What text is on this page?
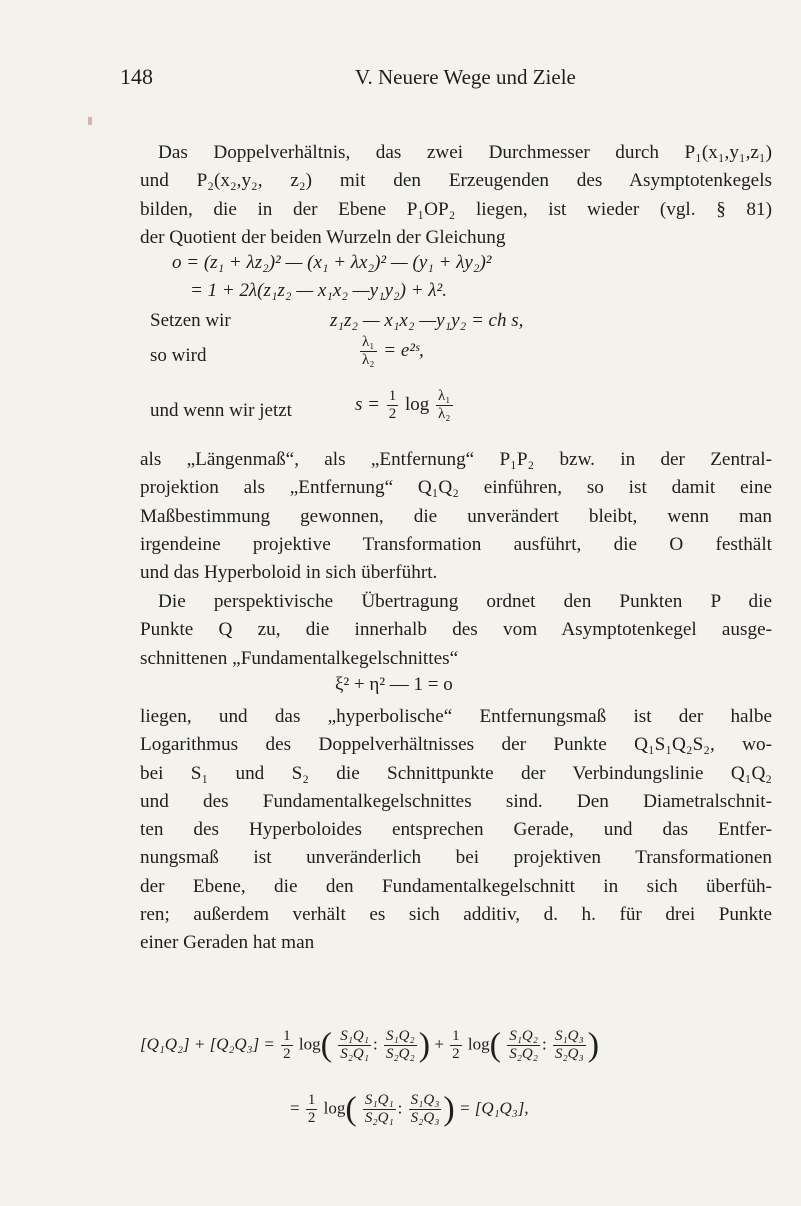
148	V. Neuere Wege und Ziele
Das Doppelverhältnis, das zwei Durchmesser durch P₁(x₁,y₁,z₁)
und P₂(x₂,y₂, z₂) mit den Erzeugenden des Asymptotenkegels
bilden, die in der Ebene P₁OP₂ liegen, ist wieder (vgl. § 81)
der Quotient der beiden Wurzeln der Gleichung
o = (z₁ + λz₂)² — (x₁ + λx₂)² — (y₁ + λy₂)²
= 1 + 2λ(z₁z₂ — x₁x₂ —y₁y₂) + λ².
Setzen wir	z₁z₂ — x₁x₂ —y₁y₂ = ch s,
so wird	$\frac{\text{λ₁}}{\text{λ₂}}$ = e²ˢ,
und wenn wir jetzt	$s = \frac{1}{2}$ $\log \frac{\text{λ₁}}{\text{λ₂}}$
als „Längenmaß“, als „Entfernung“ P₁P₂ bzw. in der Zentral-
projektion als „Entfernung“ Q₁Q₂ einführen, so ist damit eine
Maßbestimmung gewonnen, die unverändert bleibt, wenn man
irgendeine projektive Transformation ausführt, die O festhält
und das Hyperboloid in sich überführt.
Die perspektivische Übertragung ordnet den Punkten P die
Punkte Q zu, die innerhalb des vom Asymptotenkegel ausge-
schnittenen „Fundamentalkegelschnittes“
ξ² + η² — 1 = o
liegen, und das „hyperbolische“ Entfernungsmaß ist der halbe
Logarithmus des Doppelverhältnisses der Punkte Q₁S₁Q₂S₂, wo-
bei S₁ und S₂ die Schnittpunkte der Verbindungslinie Q₁Q₂
und des Fundamentalkegelschnittes sind. Den Diametralschnit-
ten des Hyperboloides entsprechen Gerade, und das Entfer-
nungsmaß ist unveränderlich bei projektiven Transformationen
der Ebene, die den Fundamentalkegelschnitt in sich überfüh-
ren; außerdem verhält es sich additiv, d. h. für drei Punkte
einer Geraden hat man
$[Q_1Q_2] + [Q_2Q_3] = \frac{1}{2} \log( \frac{\text{S₁Q₁}}{\text{S₂Q₁}}$ : $\frac{\text{S₁Q₂}}{\text{S₂Q₂}}$ ) + $\frac{1}{2} \log( \frac{\text{S₁Q₂}}{\text{S₂Q₂}}$ : $\frac{\text{S₁Q₃}}{\text{S₂Q₃}}$ )
= $\frac{1}{2} \log( \frac{\text{S₁Q₁}}{\text{S₂Q₁}}$ : $\frac{\text{S₁Q₃}}{\text{S₂Q₃}}$ ) = [Q₁Q₃],
